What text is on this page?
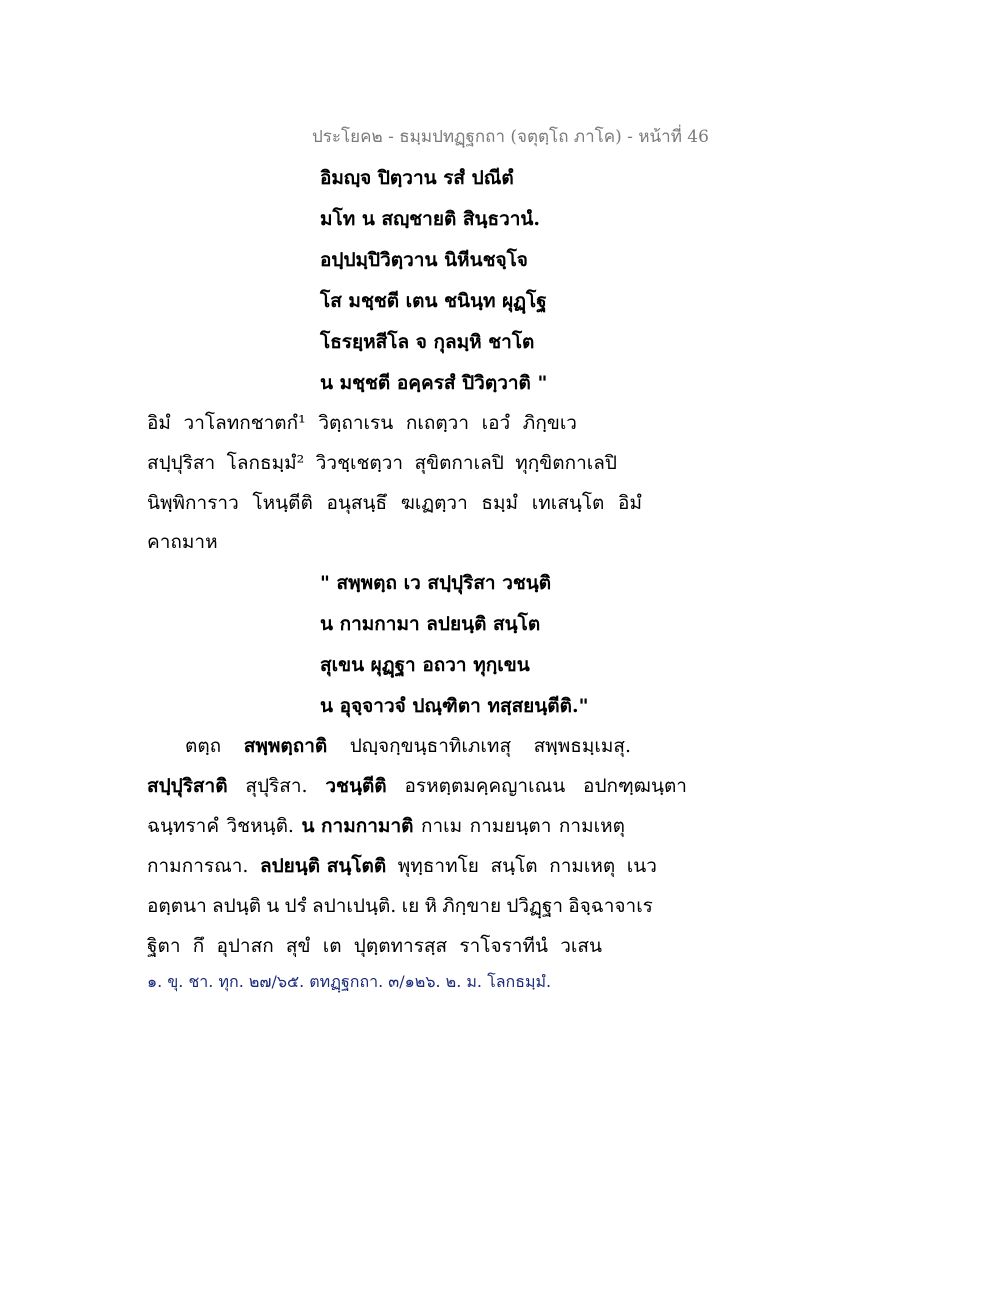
ประโยค๒ - ธมฺมปทฏฺฐกถา (จตุตฺโถ ภาโค) - หน้าที่ 46
อิมญฺจ ปิตฺวาน รสํ ปณีตํ
มโท น สญฺชายติ สินฺธวานํ.
อปฺปมฺปิวิตฺวาน นิหีนชจฺโจ
โส มชฺชตี เตน ชนินฺท ผุฏฺโฐ
โธรยฺหสีโล จ กุลมฺหิ ชาโต
น มชฺชตี อคฺครสํ ปิวิตฺวาติ "
อิมํ วาโลทกชาตกํ¹ วิตฺถาเรน กเถตฺวา เอวํ ภิกฺขเว
สปฺปุริสา โลกธมฺมํ² วิวชฺเชตฺวา สุขิตกาเลปิ ทุกฺขิตกาเลปิ
นิพฺพิการาว โหนฺตีติ อนุสนฺธึ ฆเฏตฺวา ธมฺมํ เทเสนฺโต อิมํ
คาถมาห
" สพฺพตฺถ เว สปฺปุริสา วชนฺติ
น กามกามา ลปยนฺติ สนฺโต
สุเขน ผุฏฺฐา อถวา ทุกฺเขน
น อุจฺจาวจํ ปณฺฑิตา ทสฺสยนฺตีติ."
ตตฺถ สพฺพตฺถาติ ปญฺจกฺขนฺธาทิเภเทสุ สพฺพธมฺเมสุ.
สปฺปุริสาติ สุปุริสา. วชนฺตีติ อรหตฺตมคฺคญาเณน อปกฑฺฒนฺตา
ฉนฺทราคํ วิชหนฺติ. น กามกามาติ กาเม กามยนฺตา กามเหตุ
กามการณา. ลปยนฺติ สนฺโตติ พุทฺธาทโย สนฺโต กามเหตุ เนว
อตฺตนา ลปนฺติ น ปรํ ลปาเปนฺติ. เย หิ ภิกฺขาย ปวิฏฺฐา อิจฺฉาจาเร
ฐิตา กึ อุปาสก สุขํ เต ปุตฺตทารสฺส ราโจราทีนํ วเสน
๑. ขุ. ชา. ทุก. ๒๗/๖๕. ตทฏฺฐกถา. ๓/๑๒๖. ๒. ม. โลกธมฺมํ.
